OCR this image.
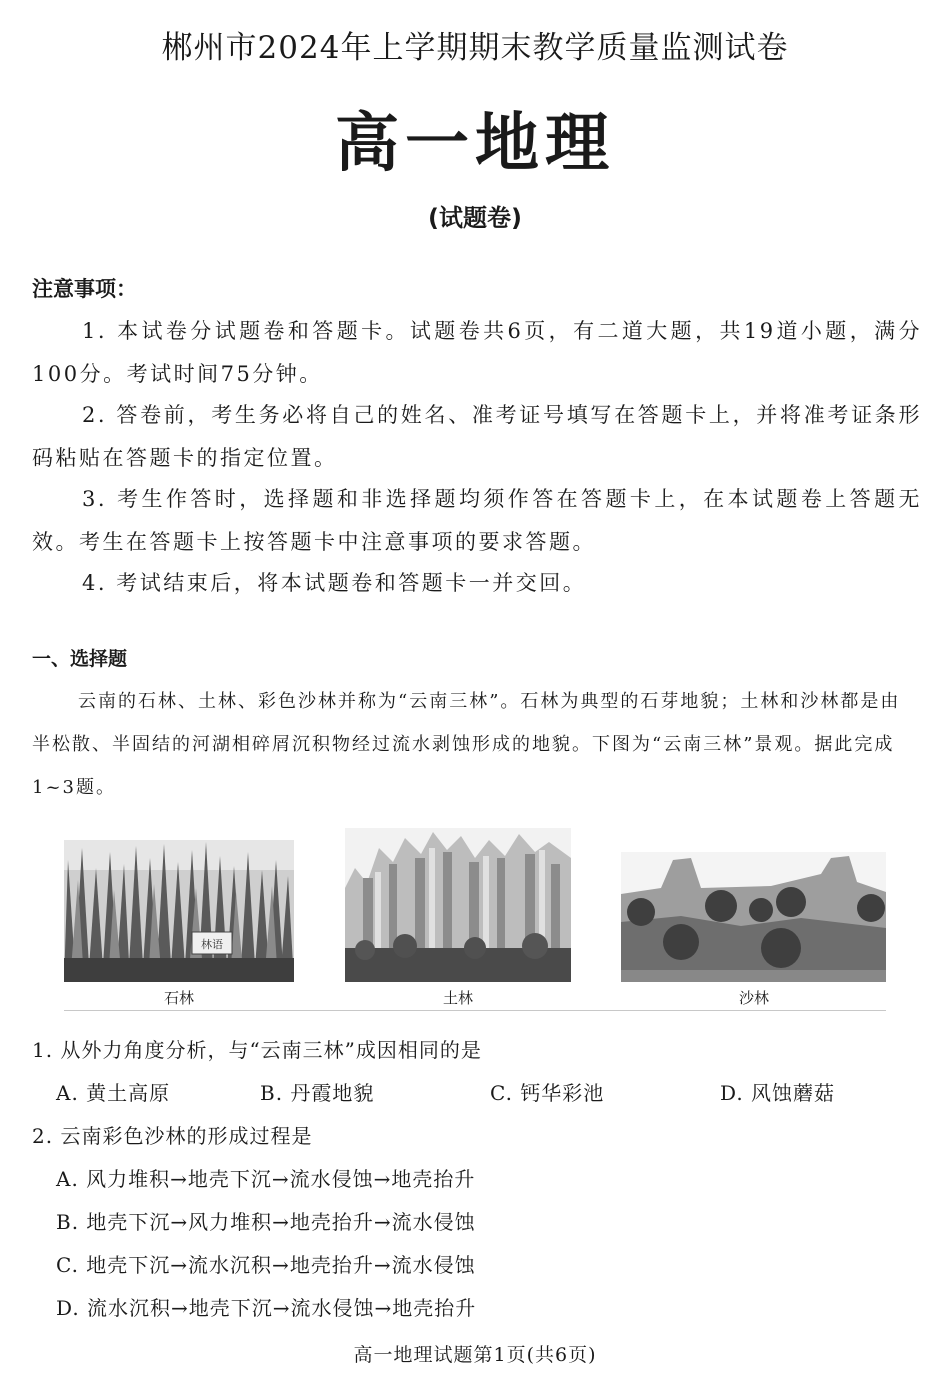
郴州市2024年上学期期末教学质量监测试卷
高一地理
(试题卷)
注意事项：
1. 本试卷分试题卷和答题卡。试题卷共6页，有二道大题，共19道小题，满分100分。考试时间75分钟。
2. 答卷前，考生务必将自己的姓名、准考证号填写在答题卡上，并将准考证条形码粘贴在答题卡的指定位置。
3. 考生作答时，选择题和非选择题均须作答在答题卡上，在本试题卷上答题无效。考生在答题卡上按答题卡中注意事项的要求答题。
4. 考试结束后，将本试题卷和答题卡一并交回。
一、选择题
云南的石林、土林、彩色沙林并称为“云南三林”。石林为典型的石芽地貌；土林和沙林都是由半松散、半固结的河湖相碎屑沉积物经过流水剥蚀形成的地貌。下图为“云南三林”景观。据此完成1~3题。
林语
石林	土林	沙林
1. 从外力角度分析，与“云南三林”成因相同的是
A. 黄土高原	B. 丹霞地貌	C. 钙华彩池	D. 风蚀蘑菇
2. 云南彩色沙林的形成过程是
A. 风力堆积→地壳下沉→流水侵蚀→地壳抬升
B. 地壳下沉→风力堆积→地壳抬升→流水侵蚀
C. 地壳下沉→流水沉积→地壳抬升→流水侵蚀
D. 流水沉积→地壳下沉→流水侵蚀→地壳抬升
高一地理试题第1页(共6页)
